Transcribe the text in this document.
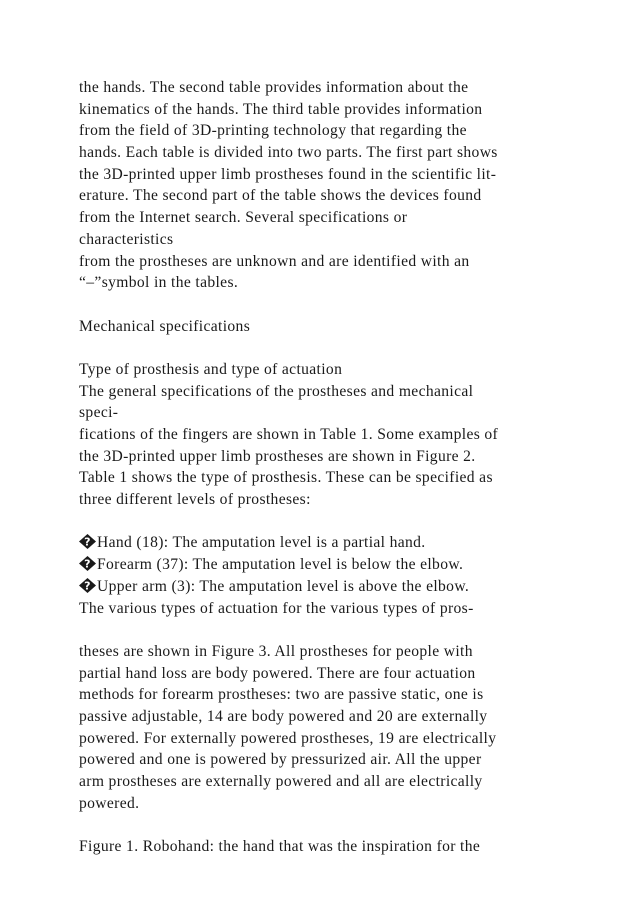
the hands. The second table provides information about the
kinematics of the hands. The third table provides information
from the field of 3D-printing technology that regarding the
hands. Each table is divided into two parts. The first part shows
the 3D-printed upper limb prostheses found in the scientific lit-
erature. The second part of the table shows the devices found
from the Internet search. Several specifications or
characteristics
from the prostheses are unknown and are identified with an
“–”symbol in the tables.
Mechanical specifications
Type of prosthesis and type of actuation
The general specifications of the prostheses and mechanical
speci-
fications of the fingers are shown in Table 1. Some examples of
the 3D-printed upper limb prostheses are shown in Figure 2.
Table 1 shows the type of prosthesis. These can be specified as
three different levels of prostheses:
? Hand (18): The amputation level is a partial hand.
? Forearm (37): The amputation level is below the elbow.
? Upper arm (3): The amputation level is above the elbow.
The various types of actuation for the various types of pros-
theses are shown in Figure 3. All prostheses for people with
partial hand loss are body powered. There are four actuation
methods for forearm prostheses: two are passive static, one is
passive adjustable, 14 are body powered and 20 are externally
powered. For externally powered prostheses, 19 are electrically
powered and one is powered by pressurized air. All the upper
arm prostheses are externally powered and all are electrically
powered.
Figure 1. Robohand: the hand that was the inspiration for the
